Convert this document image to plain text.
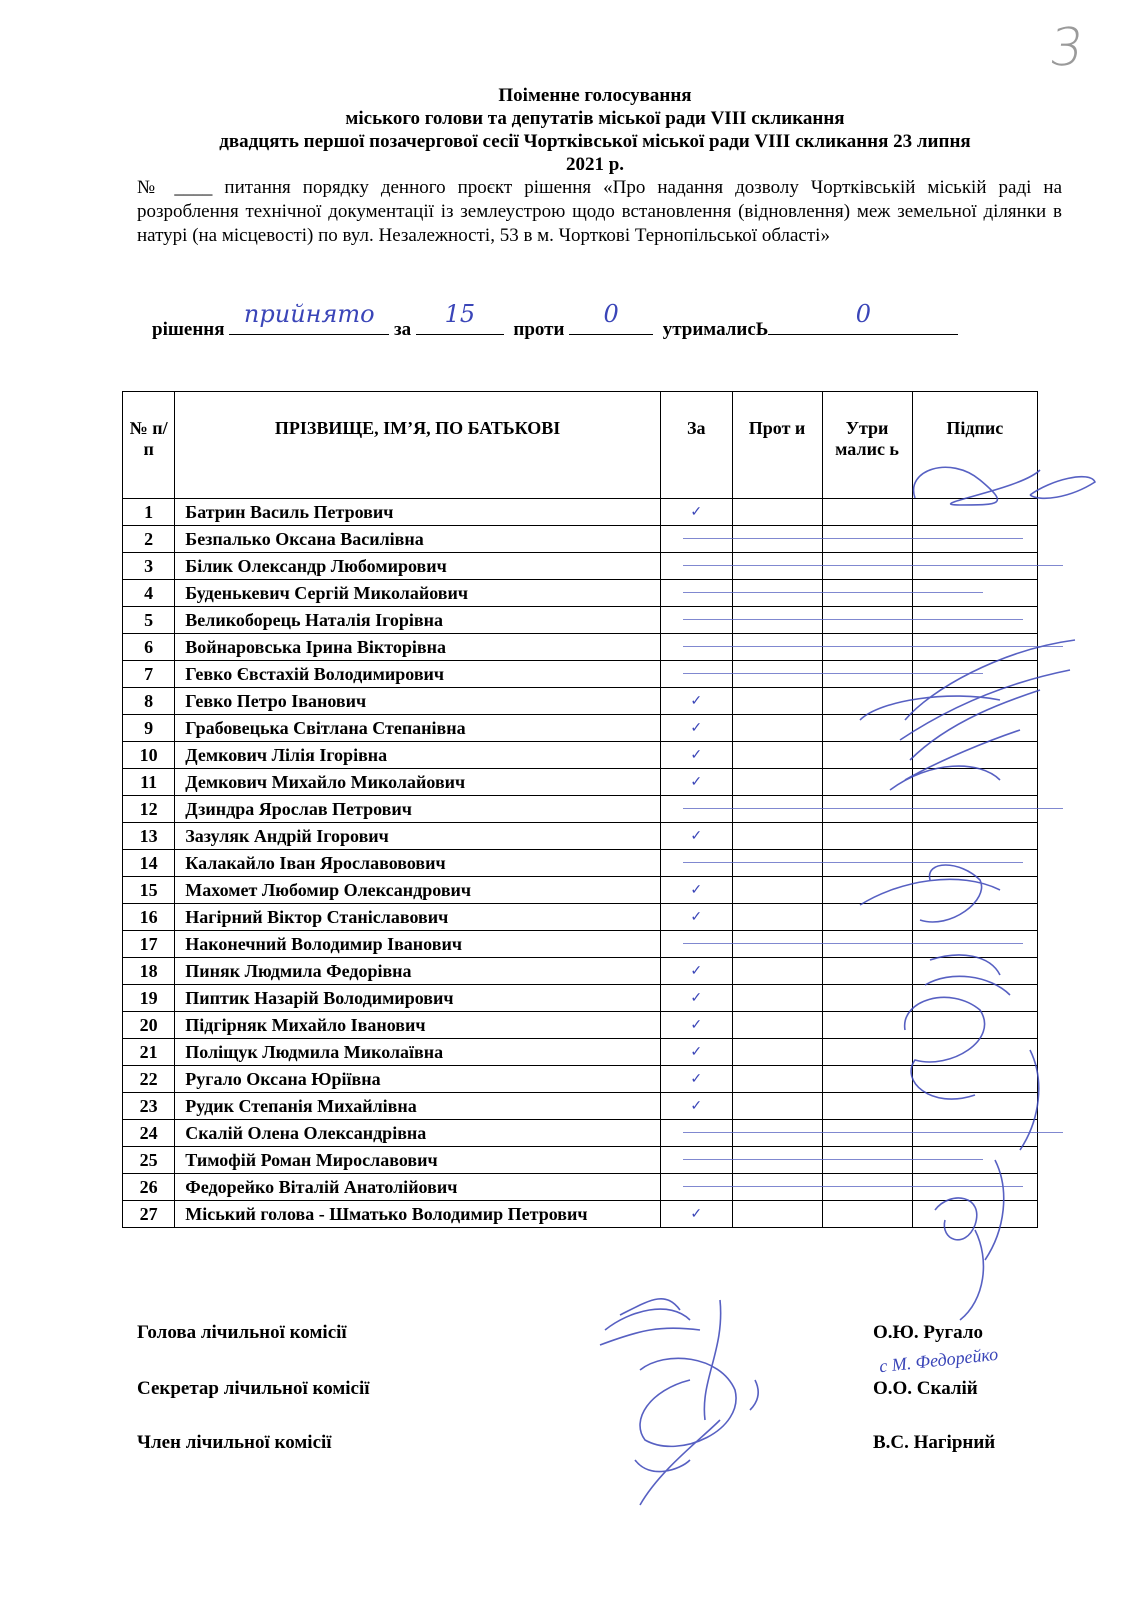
3
Поіменне голосування
міського голови та депутатів міської ради VIII скликання
двадцять першої позачергової сесії Чортківської міської ради VIII скликання 23 липня
2021 р.
№ ____ питання порядку денного проєкт рішення «Про надання дозволу Чортківській міській раді на розроблення технічної документації із землеустрою щодо встановлення (відновлення) меж земельної ділянки в натурі (на місцевості) по вул. Незалежності, 53 в м. Чорткові Тернопільської області»
рішення
прийнято
за
15
проти
0
утрималисЬ
0
№ п/п	ПРІЗВИЩЕ, ІМ’Я, ПО БАТЬКОВІ	За	Прот и	Утри малис ь	Підпис
1	Батрин Василь Петрович	✓			
2	Безпалько Оксана Василівна				
3	Білик Олександр Любомирович				
4	Буденькевич Сергій Миколайович				
5	Великоборець Наталія Ігорівна				
6	Войнаровська Ірина Вікторівна				
7	Гевко Євстахій Володимирович				
8	Гевко Петро Іванович	✓			
9	Грабовецька Світлана Степанівна	✓			
10	Демкович Лілія Ігорівна	✓			
11	Демкович Михайло Миколайович	✓			
12	Дзиндра Ярослав Петрович				
13	Зазуляк Андрій Ігорович	✓			
14	Калакайло Іван Ярославовович				
15	Махомет Любомир Олександрович	✓			
16	Нагірний Віктор Станіславович	✓			
17	Наконечний Володимир Іванович				
18	Пиняк Людмила Федорівна	✓			
19	Пиптик Назарій Володимирович	✓			
20	Підгірняк Михайло Іванович	✓			
21	Поліщук Людмила Миколаївна	✓			
22	Ругало Оксана Юріївна	✓			
23	Рудик Степанія Михайлівна	✓			
24	Скалій Олена Олександрівна				
25	Тимофій Роман Мирославович				
26	Федорейко Віталій Анатолійович				
27	Міський голова - Шматько Володимир Петрович	✓			
Голова лічильної комісії	О.Ю. Ругало
с М. Федорейко
Секретар лічильної комісії	О.О. Скалій
Член лічильної комісії	В.С. Нагірний
